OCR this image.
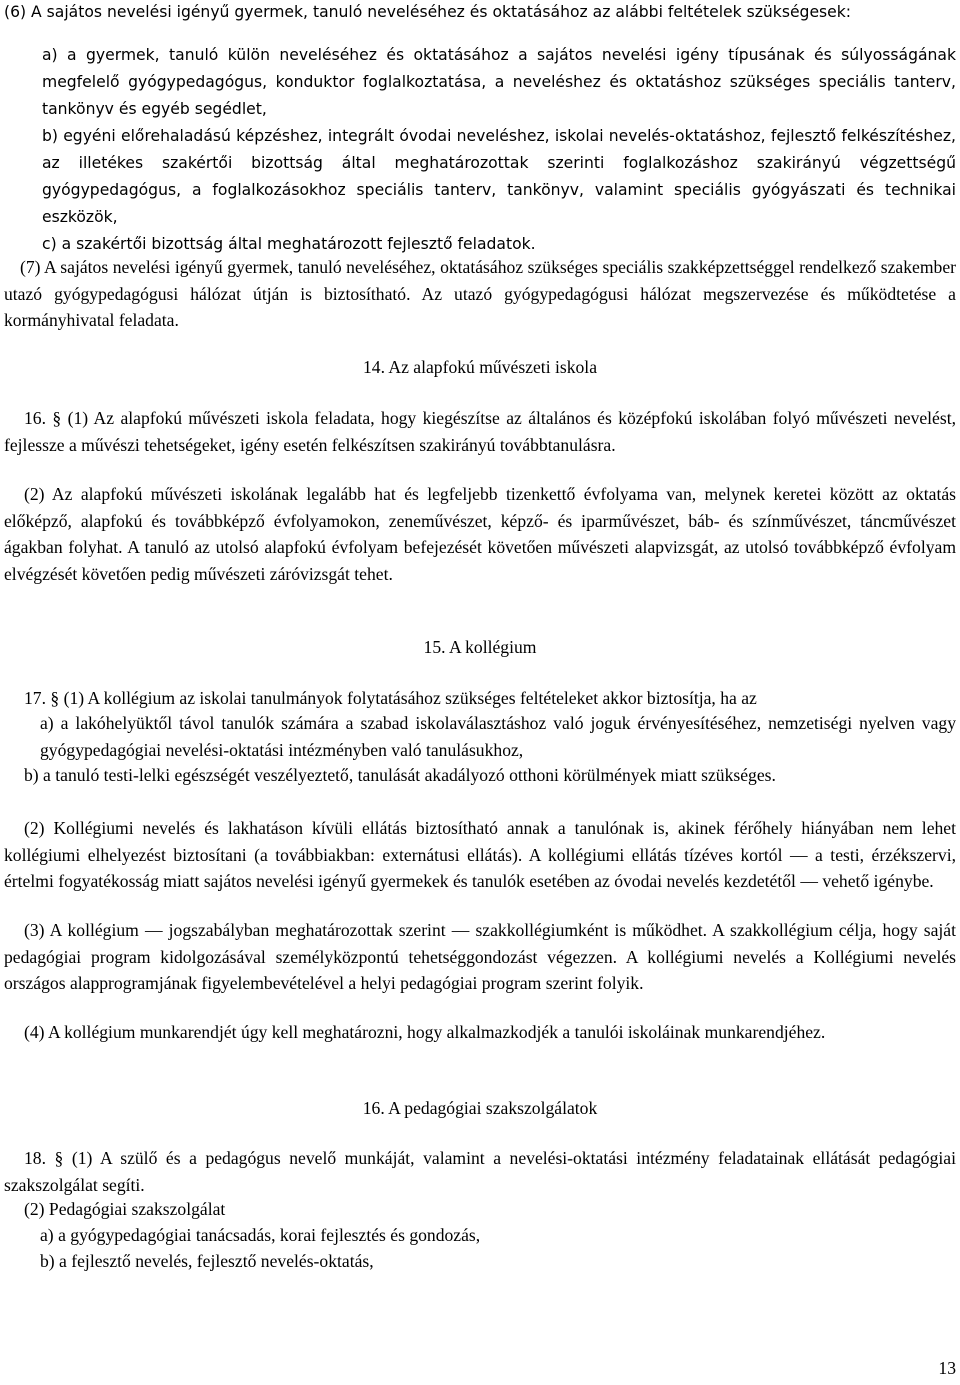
(6) A sajátos nevelési igényű gyermek, tanuló neveléséhez és oktatásához az alábbi feltételek szükségesek:

a) a gyermek, tanuló külön neveléséhez és oktatásához a sajátos nevelési igény típusának és súlyosságának megfelelő gyógypedagógus, konduktor foglalkoztatása, a neveléshez és oktatáshoz szükséges speciális tanterv, tankönyv és egyéb segédlet,

b) egyéni előrehaladású képzéshez, integrált óvodai neveléshez, iskolai nevelés-oktatáshoz, fejlesztő felkészítéshez, az illetékes szakértői bizottság által meghatározottak szerinti foglalkozáshoz szakirányú végzettségű gyógypedagógus, a foglalkozásokhoz speciális tanterv, tankönyv, valamint speciális gyógyászati és technikai eszközök,

c) a szakértői bizottság által meghatározott fejlesztő feladatok.

(7) A sajátos nevelési igényű gyermek, tanuló neveléséhez, oktatásához szükséges speciális szakképzettséggel rendelkező szakember utazó gyógypedagógusi hálózat útján is biztosítható. Az utazó gyógypedagógusi hálózat megszervezése és működtetése a kormányhivatal feladata.

14. Az alapfokú művészeti iskola

16. § (1) Az alapfokú művészeti iskola feladata, hogy kiegészítse az általános és középfokú iskolában folyó művészeti nevelést, fejlessze a művészi tehetségeket, igény esetén felkészítsen szakirányú továbbtanulásra.

(2) Az alapfokú művészeti iskolának legalább hat és legfeljebb tizenkettő évfolyama van, melynek keretei között az oktatás előképző, alapfokú és továbbképző évfolyamokon, zeneművészet, képző- és iparművészet, báb- és színművészet, táncművészet ágakban folyhat. A tanuló az utolsó alapfokú évfolyam befejezését követően művészeti alapvizsgát, az utolsó továbbképző évfolyam elvégzését követően pedig művészeti záróvizsgát tehet.

15. A kollégium

17. § (1) A kollégium az iskolai tanulmányok folytatásához szükséges feltételeket akkor biztosítja, ha az

a) a lakóhelyüktől távol tanulók számára a szabad iskolaválasztáshoz való joguk érvényesítéséhez, nemzetiségi nyelven vagy gyógypedagógiai nevelési-oktatási intézményben való tanulásukhoz,

b) a tanuló testi-lelki egészségét veszélyeztető, tanulását akadályozó otthoni körülmények miatt szükséges.

(2) Kollégiumi nevelés és lakhatáson kívüli ellátás biztosítható annak a tanulónak is, akinek férőhely hiányában nem lehet kollégiumi elhelyezést biztosítani (a továbbiakban: externátusi ellátás). A kollégiumi ellátás tízéves kortól ― a testi, érzékszervi, értelmi fogyatékosság miatt sajátos nevelési igényű gyermekek és tanulók esetében az óvodai nevelés kezdetétől ― vehető igénybe.

(3) A kollégium ― jogszabályban meghatározottak szerint ― szakkollégiumként is működhet. A szakkollégium célja, hogy saját pedagógiai program kidolgozásával személyközpontú tehetséggondozást végezzen. A kollégiumi nevelés a Kollégiumi nevelés országos alapprogramjának figyelembevételével a helyi pedagógiai program szerint folyik.

(4) A kollégium munkarendjét úgy kell meghatározni, hogy alkalmazkodjék a tanulói iskoláinak munkarendjéhez.

16. A pedagógiai szakszolgálatok

18. § (1) A szülő és a pedagógus nevelő munkáját, valamint a nevelési-oktatási intézmény feladatainak ellátását pedagógiai szakszolgálat segíti.

(2) Pedagógiai szakszolgálat

a) a gyógypedagógiai tanácsadás, korai fejlesztés és gondozás,

b) a fejlesztő nevelés, fejlesztő nevelés-oktatás,

13
